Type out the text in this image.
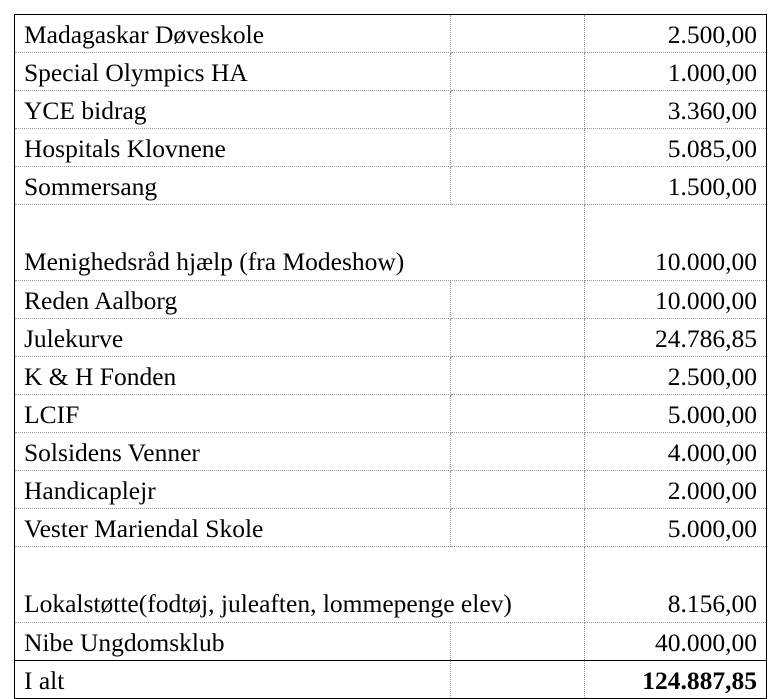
Madagaskar Døveskole		2.500,00
Special Olympics HA		1.000,00
YCE bidrag		3.360,00
Hospitals Klovnene		5.085,00
Sommersang		1.500,00
Menighedsråd hjælp (fra Modeshow)		10.000,00
Reden Aalborg		10.000,00
Julekurve		24.786,85
K & H Fonden		2.500,00
LCIF		5.000,00
Solsidens Venner		4.000,00
Handicaplejr		2.000,00
Vester Mariendal Skole		5.000,00
Lokalstøtte(fodtøj, juleaften, lommepenge elev)		8.156,00
Nibe Ungdomsklub		40.000,00
I alt		124.887,85
